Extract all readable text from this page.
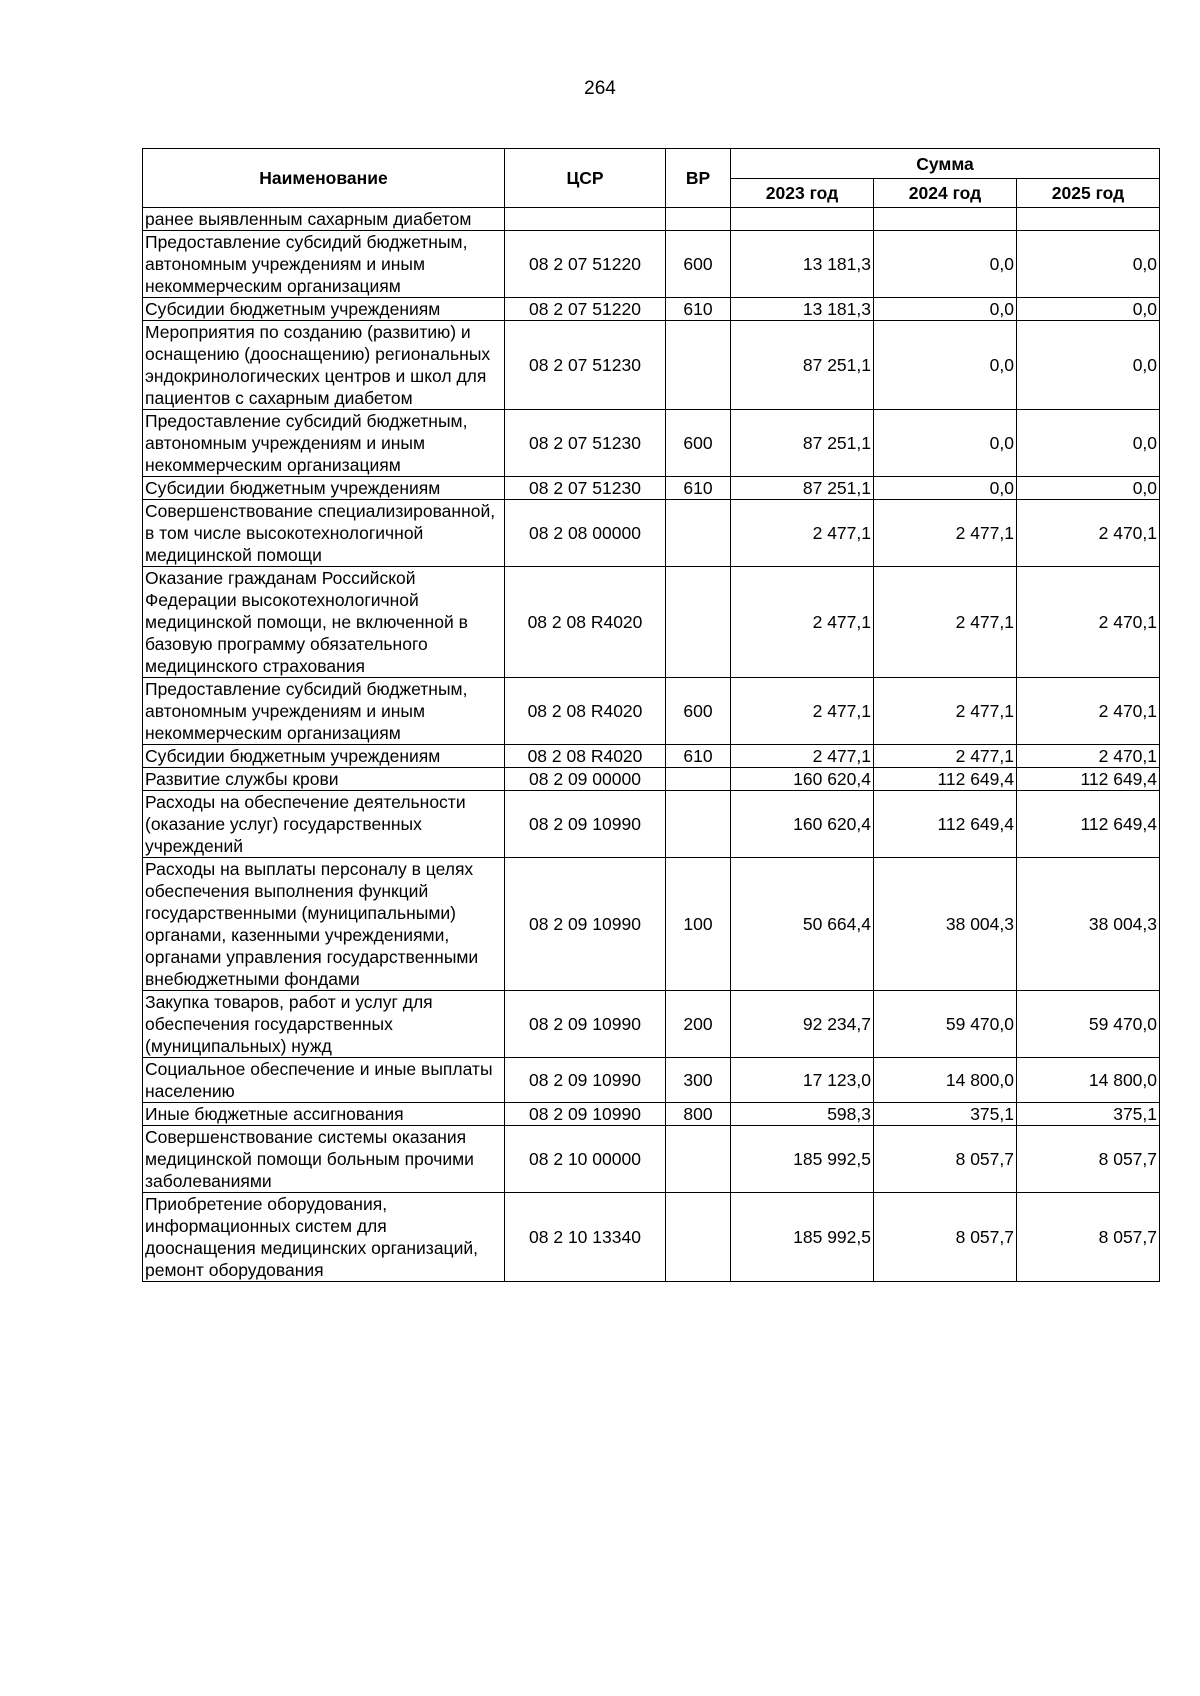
264
Наименование	ЦСР	ВР	Сумма		
			2023 год	2024 год	2025 год
ранее выявленным сахарным диабетом					
Предоставление субсидий бюджетным, автономным учреждениям и иным некоммерческим организациям	08 2 07 51220	600	13 181,3	0,0	0,0
Субсидии бюджетным учреждениям	08 2 07 51220	610	13 181,3	0,0	0,0
Мероприятия по созданию (развитию) и оснащению (дооснащению) региональных эндокринологических центров и школ для пациентов с сахарным диабетом	08 2 07 51230		87 251,1	0,0	0,0
Предоставление субсидий бюджетным, автономным учреждениям и иным некоммерческим организациям	08 2 07 51230	600	87 251,1	0,0	0,0
Субсидии бюджетным учреждениям	08 2 07 51230	610	87 251,1	0,0	0,0
Совершенствование специализированной, в том числе высокотехнологичной медицинской помощи	08 2 08 00000		2 477,1	2 477,1	2 470,1
Оказание гражданам Российской Федерации высокотехнологичной медицинской помощи, не включенной в базовую программу обязательного медицинского страхования	08 2 08 R4020		2 477,1	2 477,1	2 470,1
Предоставление субсидий бюджетным, автономным учреждениям и иным некоммерческим организациям	08 2 08 R4020	600	2 477,1	2 477,1	2 470,1
Субсидии бюджетным учреждениям	08 2 08 R4020	610	2 477,1	2 477,1	2 470,1
Развитие службы крови	08 2 09 00000		160 620,4	112 649,4	112 649,4
Расходы на обеспечение деятельности (оказание услуг) государственных учреждений	08 2 09 10990		160 620,4	112 649,4	112 649,4
Расходы на выплаты персоналу в целях обеспечения выполнения функций государственными (муниципальными) органами, казенными учреждениями, органами управления государственными внебюджетными фондами	08 2 09 10990	100	50 664,4	38 004,3	38 004,3
Закупка товаров, работ и услуг для обеспечения государственных (муниципальных) нужд	08 2 09 10990	200	92 234,7	59 470,0	59 470,0
Социальное обеспечение и иные выплаты населению	08 2 09 10990	300	17 123,0	14 800,0	14 800,0
Иные бюджетные ассигнования	08 2 09 10990	800	598,3	375,1	375,1
Совершенствование системы оказания медицинской помощи больным прочими заболеваниями	08 2 10 00000		185 992,5	8 057,7	8 057,7
Приобретение оборудования, информационных систем для дооснащения медицинских организаций, ремонт оборудования	08 2 10 13340		185 992,5	8 057,7	8 057,7
